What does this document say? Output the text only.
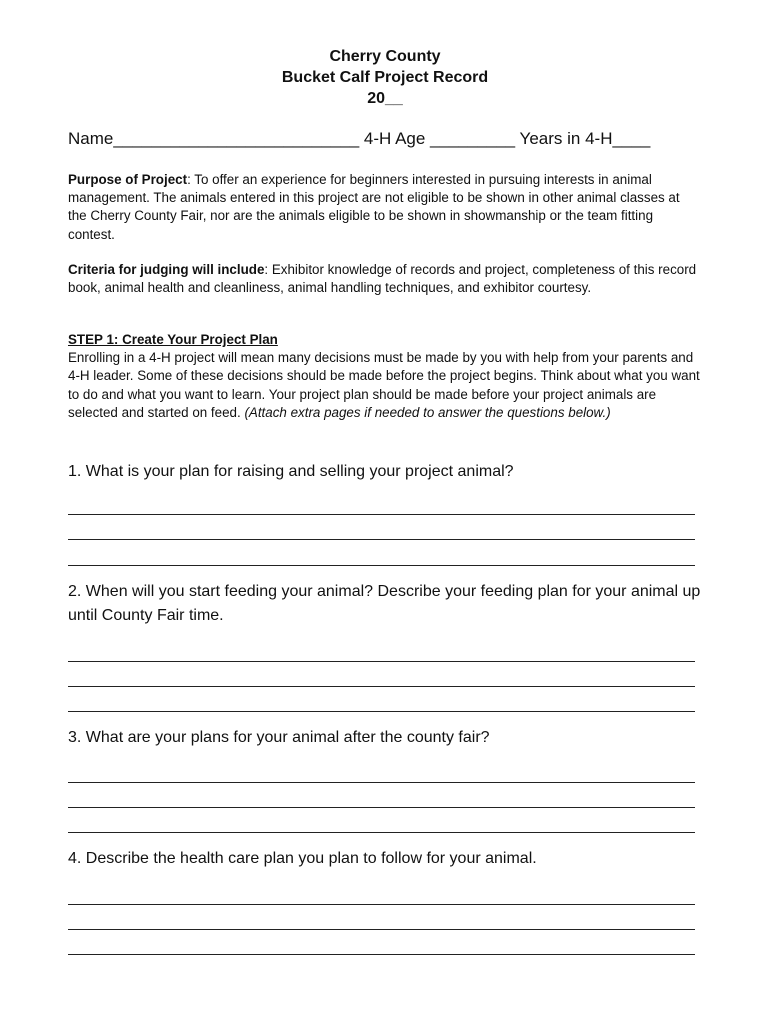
Cherry County
Bucket Calf Project Record
20__
Name__________________________ 4-H Age _________ Years in 4-H____
Purpose of Project: To offer an experience for beginners interested in pursuing interests in animal management. The animals entered in this project are not eligible to be shown in other animal classes at the Cherry County Fair, nor are the animals eligible to be shown in showmanship or the team fitting contest.
Criteria for judging will include: Exhibitor knowledge of records and project, completeness of this record book, animal health and cleanliness, animal handling techniques, and exhibitor courtesy.
STEP 1: Create Your Project Plan
Enrolling in a 4-H project will mean many decisions must be made by you with help from your parents and 4-H leader. Some of these decisions should be made before the project begins. Think about what you want to do and what you want to learn. Your project plan should be made before your project animals are selected and started on feed. (Attach extra pages if needed to answer the questions below.)
1. What is your plan for raising and selling your project animal?
2. When will you start feeding your animal? Describe your feeding plan for your animal up until County Fair time.
3. What are your plans for your animal after the county fair?
4. Describe the health care plan you plan to follow for your animal.
